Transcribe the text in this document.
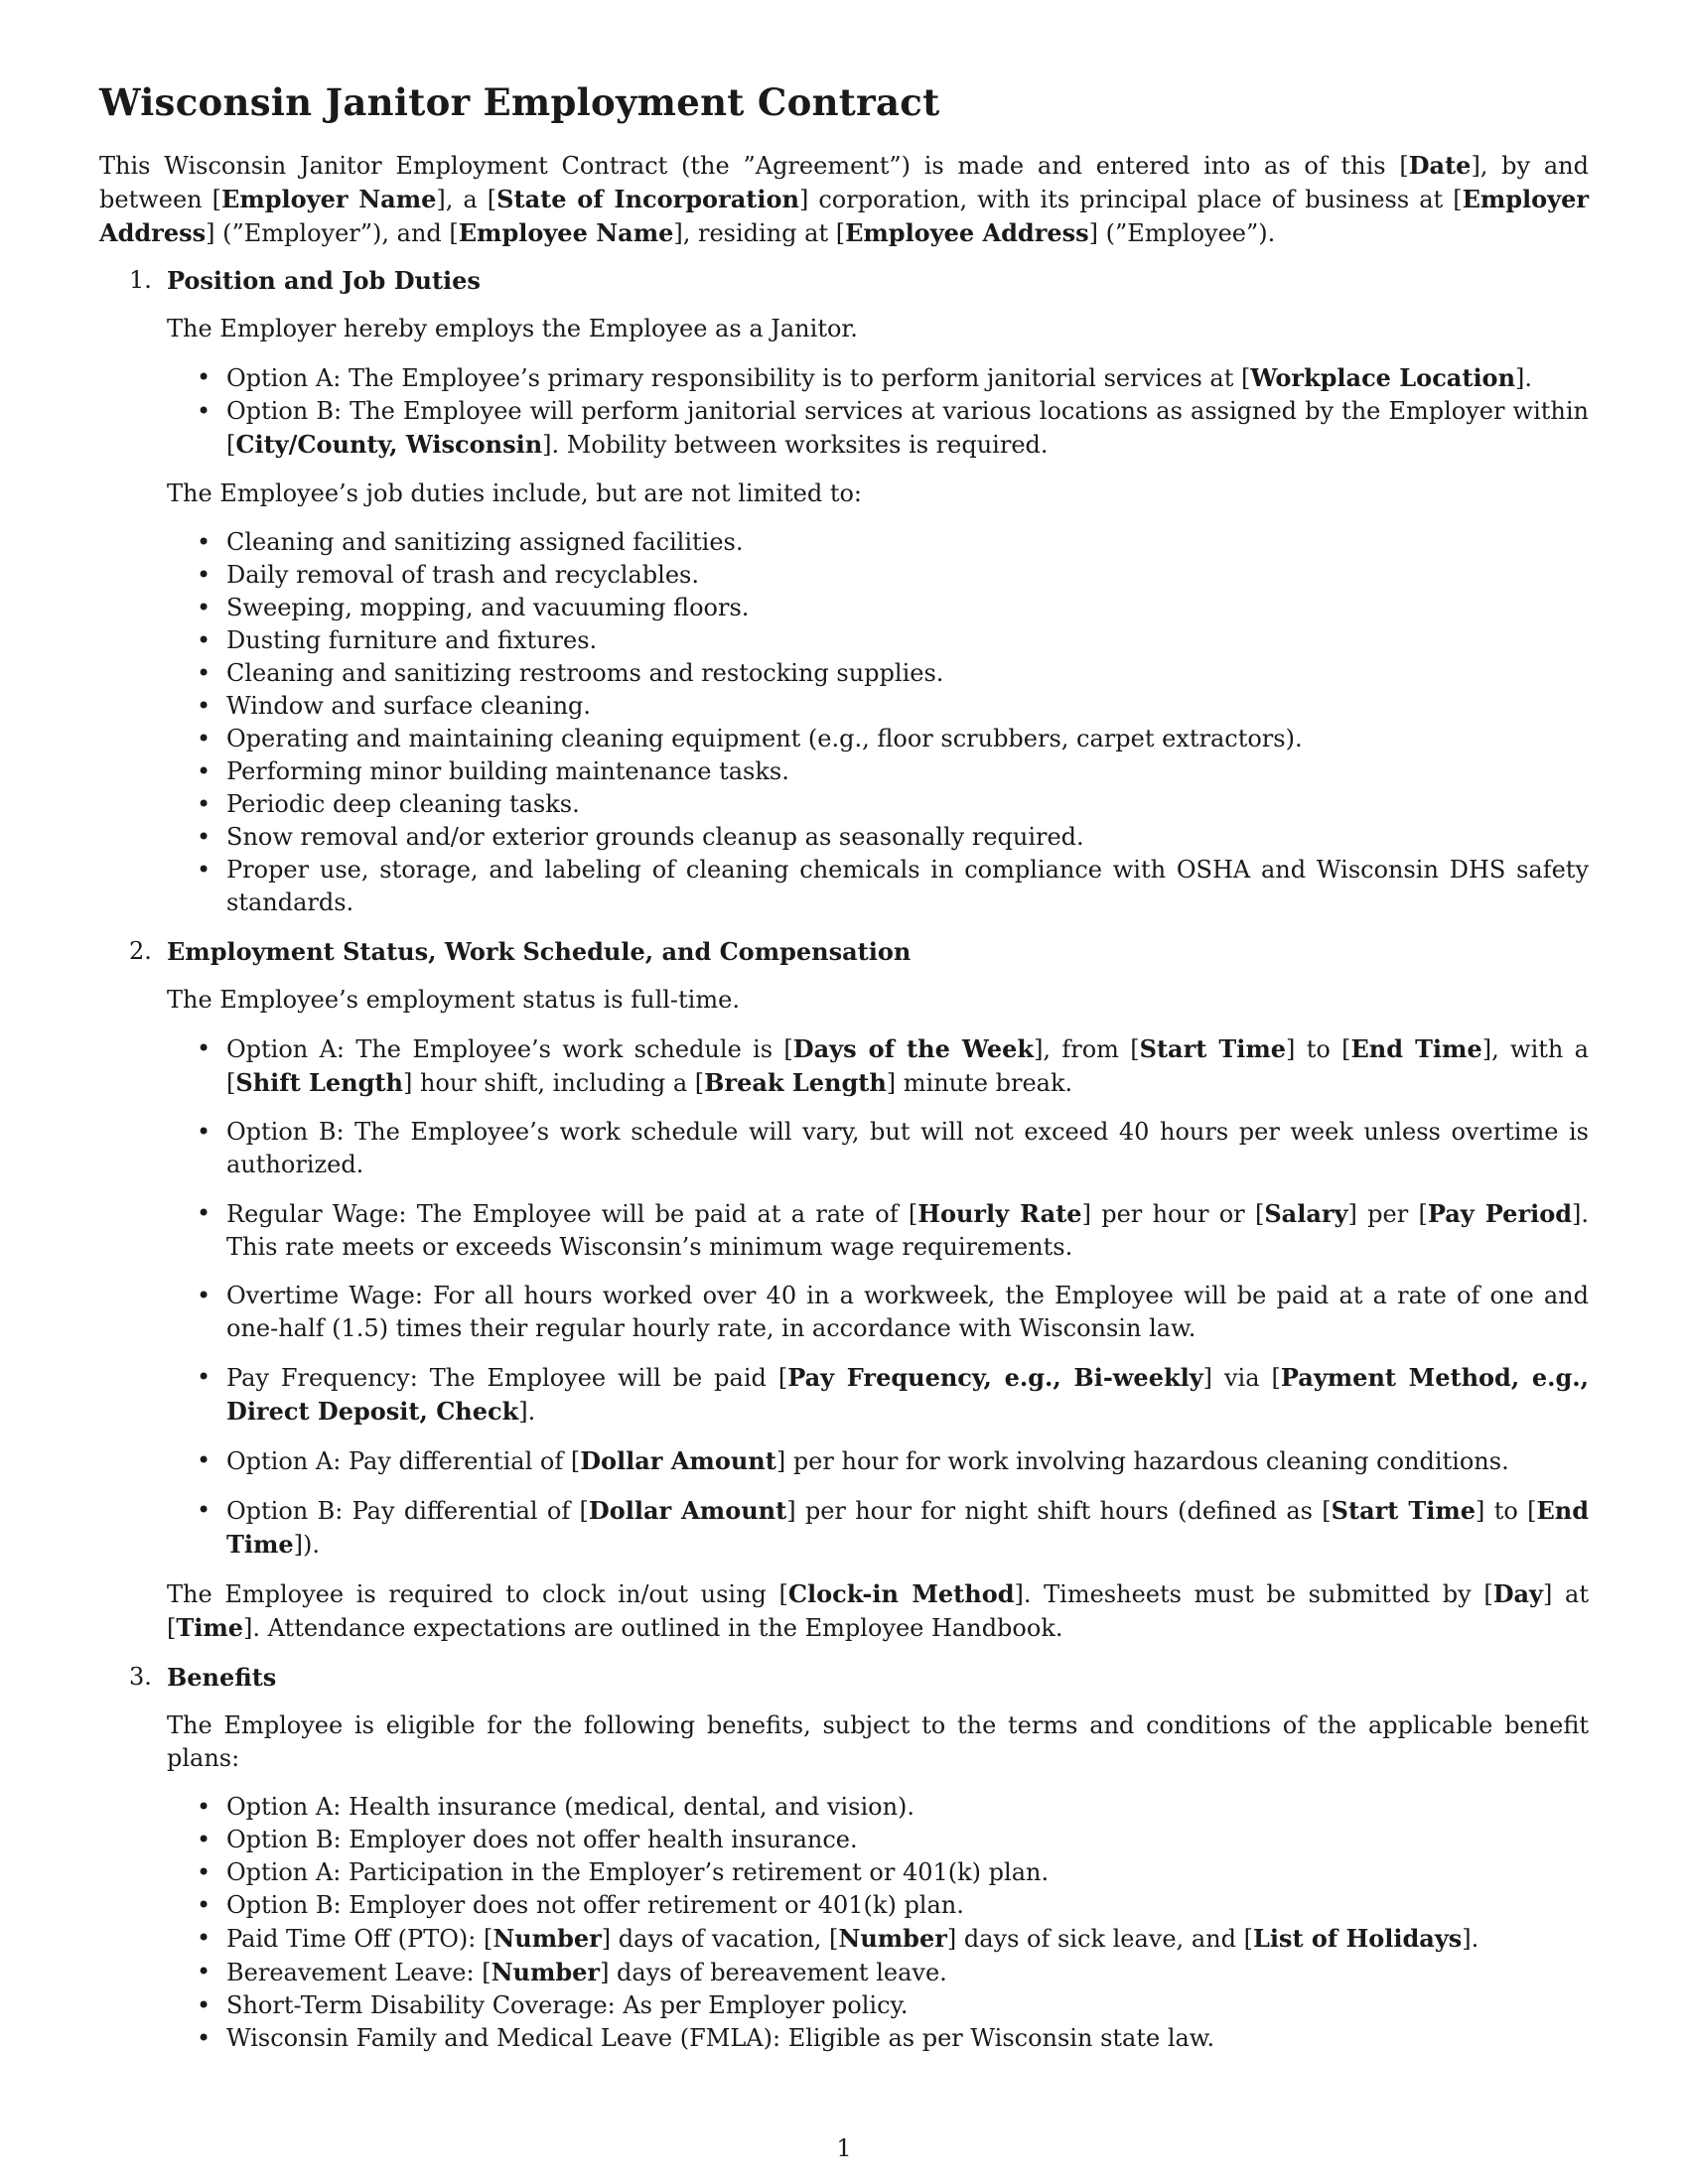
Wisconsin Janitor Employment Contract

This Wisconsin Janitor Employment Contract (the ”Agreement”) is made and entered into as of this [Date], by and between [Employer Name], a [State of Incorporation] corporation, with its principal place of business at [Employer Address] (”Employer”), and [Employee Name], residing at [Employee Address] (”Employee”).

1. Position and Job Duties

The Employer hereby employs the Employee as a Janitor.

• Option A: The Employee’s primary responsibility is to perform janitorial services at [Workplace Location].
• Option B: The Employee will perform janitorial services at various locations as assigned by the Employer within [City/County, Wisconsin]. Mobility between worksites is required.

The Employee’s job duties include, but are not limited to:

• Cleaning and sanitizing assigned facilities.
• Daily removal of trash and recyclables.
• Sweeping, mopping, and vacuuming floors.
• Dusting furniture and fixtures.
• Cleaning and sanitizing restrooms and restocking supplies.
• Window and surface cleaning.
• Operating and maintaining cleaning equipment (e.g., floor scrubbers, carpet extractors).
• Performing minor building maintenance tasks.
• Periodic deep cleaning tasks.
• Snow removal and/or exterior grounds cleanup as seasonally required.
• Proper use, storage, and labeling of cleaning chemicals in compliance with OSHA and Wisconsin DHS safety standards.
2. Employment Status, Work Schedule, and Compensation

The Employee’s employment status is full-time.

• Option A: The Employee’s work schedule is [Days of the Week], from [Start Time] to [End Time], with a [Shift Length] hour shift, including a [Break Length] minute break.
• Option B: The Employee’s work schedule will vary, but will not exceed 40 hours per week unless overtime is authorized.
• Regular Wage: The Employee will be paid at a rate of [Hourly Rate] per hour or [Salary] per [Pay Period]. This rate meets or exceeds Wisconsin’s minimum wage requirements.
• Overtime Wage: For all hours worked over 40 in a workweek, the Employee will be paid at a rate of one and one-half (1.5) times their regular hourly rate, in accordance with Wisconsin law.
• Pay Frequency: The Employee will be paid [Pay Frequency, e.g., Bi-weekly] via [Payment Method, e.g., Direct Deposit, Check].
• Option A: Pay differential of [Dollar Amount] per hour for work involving hazardous cleaning conditions.
• Option B: Pay differential of [Dollar Amount] per hour for night shift hours (defined as [Start Time] to [End Time]).

The Employee is required to clock in/out using [Clock-in Method]. Timesheets must be submitted by [Day] at [Time]. Attendance expectations are outlined in the Employee Handbook.

3. Benefits

The Employee is eligible for the following benefits, subject to the terms and conditions of the applicable benefit plans:

• Option A: Health insurance (medical, dental, and vision).
• Option B: Employer does not offer health insurance.
• Option A: Participation in the Employer’s retirement or 401(k) plan.
• Option B: Employer does not offer retirement or 401(k) plan.
• Paid Time Off (PTO): [Number] days of vacation, [Number] days of sick leave, and [List of Holidays].
• Bereavement Leave: [Number] days of bereavement leave.
• Short-Term Disability Coverage: As per Employer policy.
• Wisconsin Family and Medical Leave (FMLA): Eligible as per Wisconsin state law.
1
